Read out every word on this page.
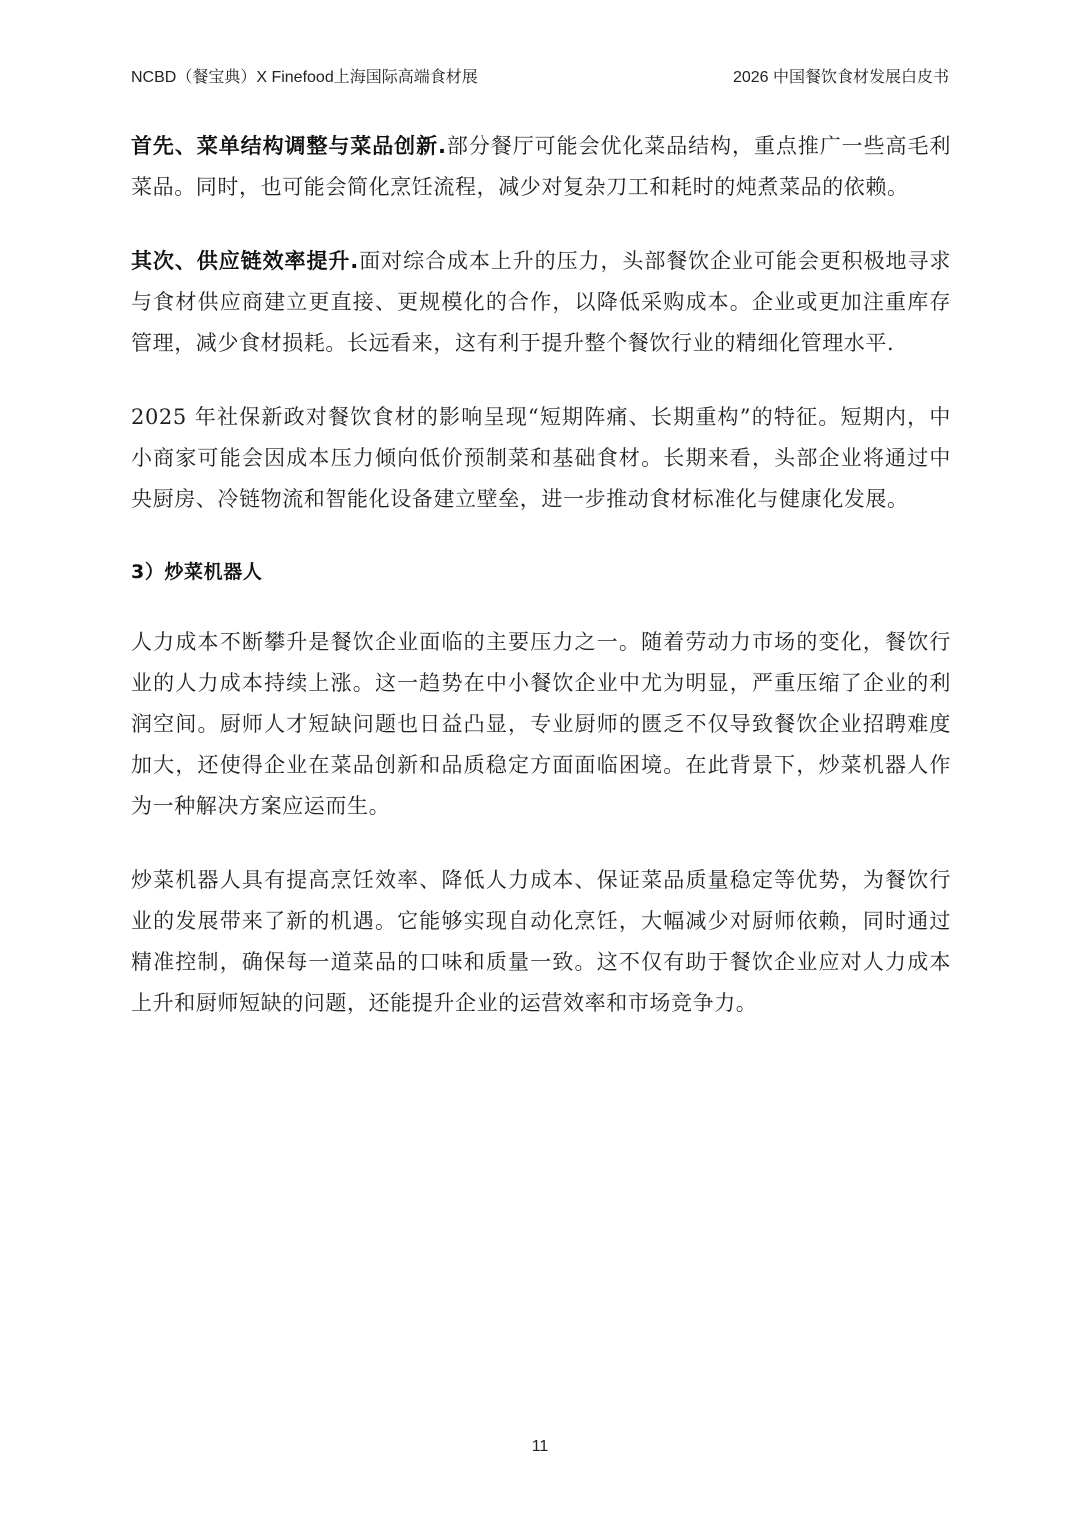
NCBD（餐宝典）X Finefood上海国际高端食材展	2026 中国餐饮食材发展白皮书

首先、菜单结构调整与菜品创新.部分餐厅可能会优化菜品结构，重点推广一些高毛利菜品。同时，也可能会简化烹饪流程，减少对复杂刀工和耗时的炖煮菜品的依赖。

其次、供应链效率提升.面对综合成本上升的压力，头部餐饮企业可能会更积极地寻求与食材供应商建立更直接、更规模化的合作，以降低采购成本。企业或更加注重库存管理，减少食材损耗。长远看来，这有利于提升整个餐饮行业的精细化管理水平.

2025 年社保新政对餐饮食材的影响呈现“短期阵痛、长期重构”的特征。短期内，中小商家可能会因成本压力倾向低价预制菜和基础食材。长期来看，头部企业将通过中央厨房、冷链物流和智能化设备建立壁垒，进一步推动食材标准化与健康化发展。

3）炒菜机器人

人力成本不断攀升是餐饮企业面临的主要压力之一。随着劳动力市场的变化，餐饮行业的人力成本持续上涨。这一趋势在中小餐饮企业中尤为明显，严重压缩了企业的利润空间。厨师人才短缺问题也日益凸显，专业厨师的匮乏不仅导致餐饮企业招聘难度加大，还使得企业在菜品创新和品质稳定方面面临困境。在此背景下，炒菜机器人作为一种解决方案应运而生。

炒菜机器人具有提高烹饪效率、降低人力成本、保证菜品质量稳定等优势，为餐饮行业的发展带来了新的机遇。它能够实现自动化烹饪，大幅减少对厨师依赖，同时通过精准控制，确保每一道菜品的口味和质量一致。这不仅有助于餐饮企业应对人力成本上升和厨师短缺的问题，还能提升企业的运营效率和市场竞争力。

11
